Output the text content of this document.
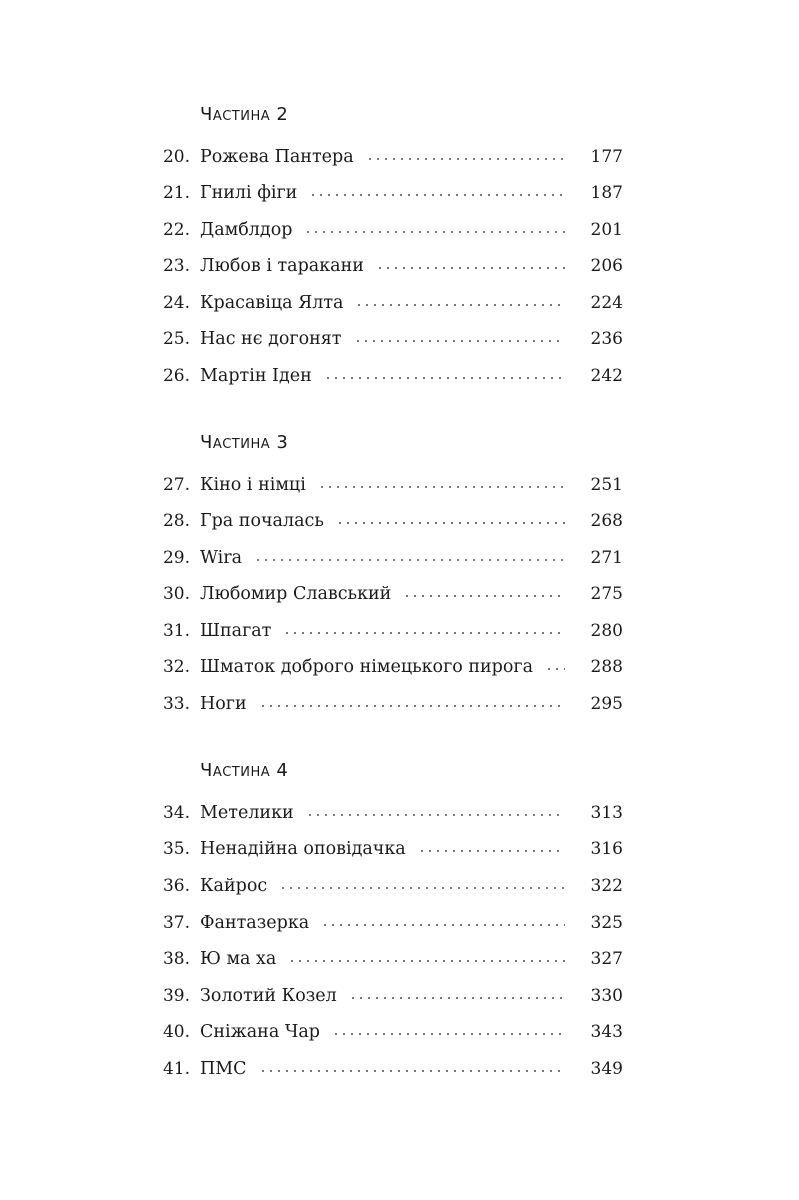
Частина 2
20. Рожева Пантера	177
21. Гнилі фіги	187
22. Дамблдор	201
23. Любов і таракани	206
24. Красавіца Ялта	224
25. Нас нє догонят	236
26. Мартін Іден	242
Частина 3
27. Кіно і німці	251
28. Гра почалась	268
29. Wira	271
30. Любомир Славський	275
31. Шпагат	280
32. Шматок доброго німецького пирога	288
33. Ноги	295
Частина 4
34. Метелики	313
35. Ненадійна оповідачка	316
36. Кайрос	322
37. Фантазерка	325
38. Ю ма ха	327
39. Золотий Козел	330
40. Сніжана Чар	343
41. ПМС	349
